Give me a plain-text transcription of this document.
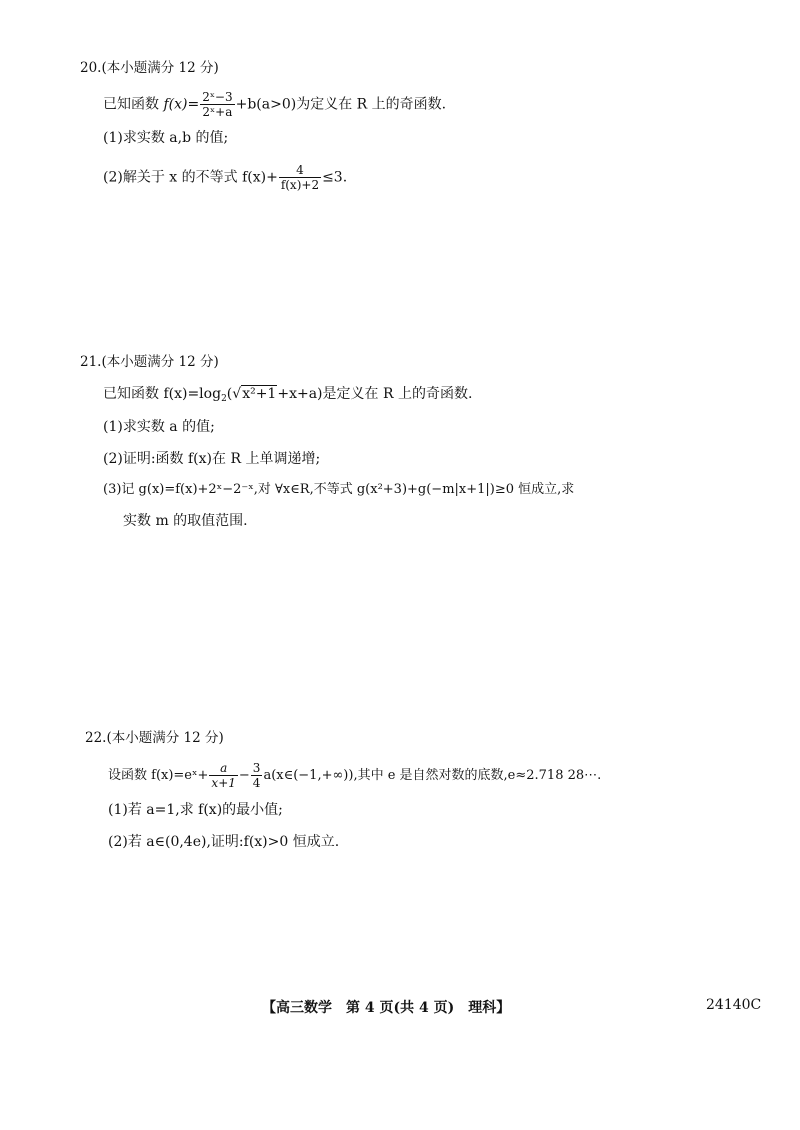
20.(本小题满分 12 分)
已知函数 $f(x)= \frac{\text{2ˣ−3}}{\text{2ˣ+a}} +b(a>0)$为定义在 R 上的奇函数.
(1)求实数 a,b 的值;
(2)解关于 x 的不等式 $f(x)+ \frac{4}{f(x)+2} \le 3$.
21.(本小题满分 12 分)
已知函数 $f(x)=\log_2(√x^2+1+x+a)$是定义在 R 上的奇函数.
(1)求实数 a 的值;
(2)证明:函数 f(x)在 R 上单调递增;
(3)记 g(x)=f(x)+2ˣ−2⁻ˣ,对 ∀x∈R,不等式 g(x²+3)+g(−m|x+1|)≥0 恒成立,求
实数 m 的取值范围.
22.(本小题满分 12 分)
设函数 f(x)=eˣ+ $\frac{a}{x+1} - \frac{3}{4}$ a(x∈(−1,+∞)),其中 e 是自然对数的底数,e≈2.718 28⋯.
(1)若 a=1,求 f(x)的最小值;
(2)若 a∈(0,4e),证明:f(x)>0 恒成立.
【高三数学　第 4 页(共 4 页)　理科】	24140C
